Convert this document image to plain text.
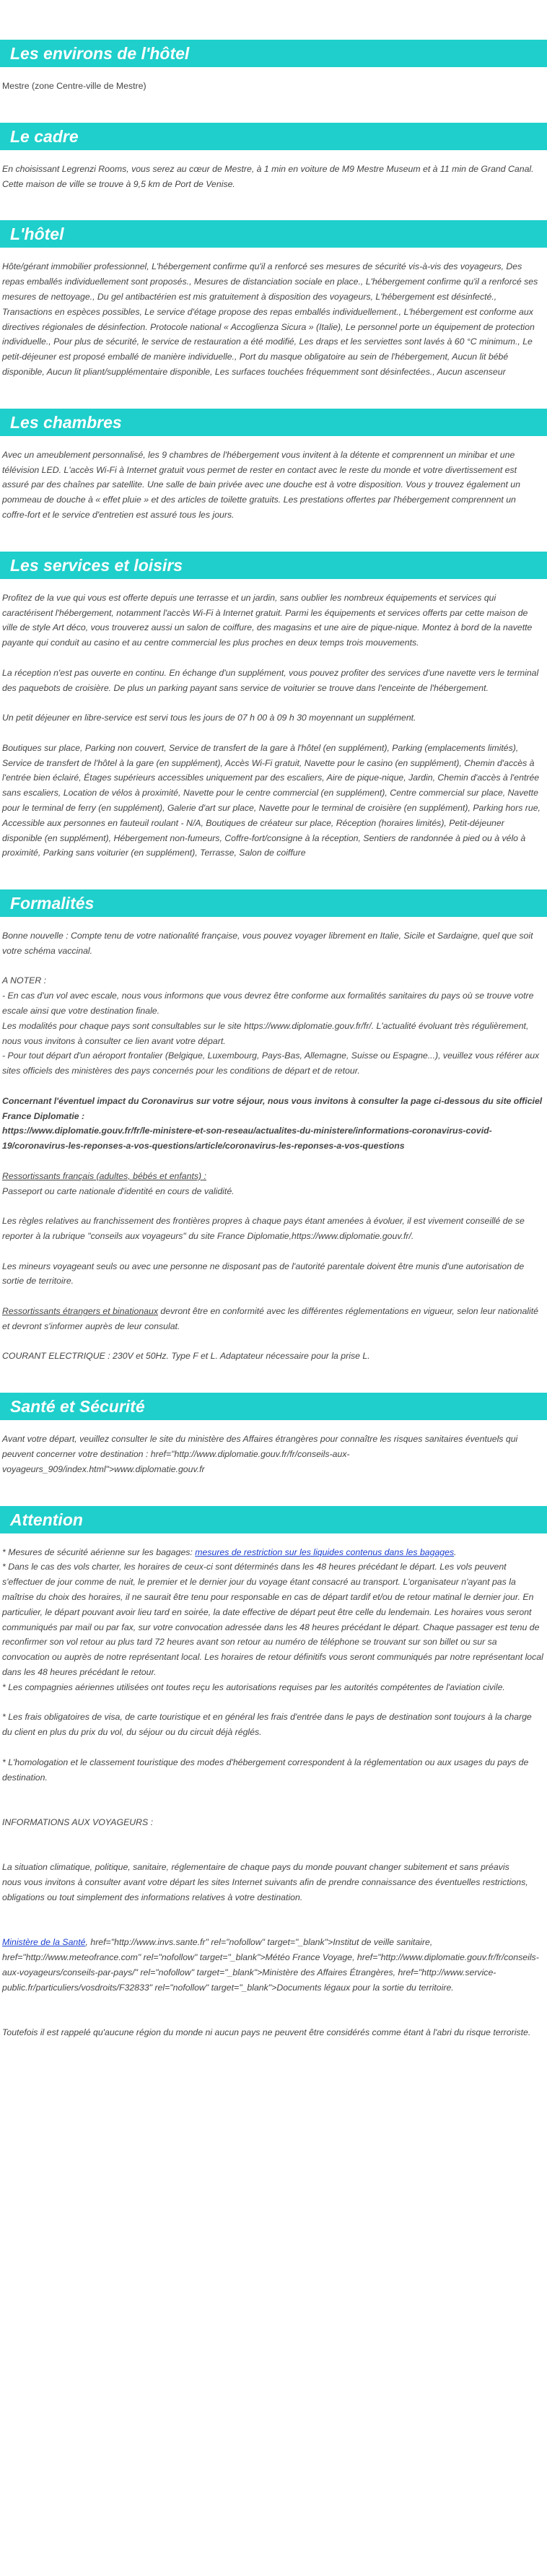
Les environs de l'hôtel

Mestre (zone Centre-ville de Mestre)

Le cadre

En choisissant Legrenzi Rooms, vous serez au cœur de Mestre, à 1 min en voiture de M9 Mestre Museum et à 11 min de Grand Canal. Cette maison de ville se trouve à 9,5 km de Port de Venise.

L'hôtel

Hôte/gérant immobilier professionnel, L'hébergement confirme qu'il a renforcé ses mesures de sécurité vis-à-vis des voyageurs, Des repas emballés individuellement sont proposés., Mesures de distanciation sociale en place., L'hébergement confirme qu'il a renforcé ses mesures de nettoyage., Du gel antibactérien est mis gratuitement à disposition des voyageurs, L'hébergement est désinfecté., Transactions en espèces possibles, Le service d'étage propose des repas emballés individuellement., L'hébergement est conforme aux directives régionales de désinfection. Protocole national « Accoglienza Sicura » (Italie), Le personnel porte un équipement de protection individuelle., Pour plus de sécurité, le service de restauration a été modifié, Les draps et les serviettes sont lavés à 60 °C minimum., Le petit-déjeuner est proposé emballé de manière individuelle., Port du masque obligatoire au sein de l'hébergement, Aucun lit bébé disponible, Aucun lit pliant/supplémentaire disponible, Les surfaces touchées fréquemment sont désinfectées., Aucun ascenseur

Les chambres

Avec un ameublement personnalisé, les 9 chambres de l'hébergement vous invitent à la détente et comprennent un minibar et une télévision LED. L'accès Wi-Fi à Internet gratuit vous permet de rester en contact avec le reste du monde et votre divertissement est assuré par des chaînes par satellite. Une salle de bain privée avec une douche est à votre disposition. Vous y trouvez également un pommeau de douche à « effet pluie » et des articles de toilette gratuits. Les prestations offertes par l'hébergement comprennent un coffre-fort et le service d'entretien est assuré tous les jours.

Les services et loisirs

Profitez de la vue qui vous est offerte depuis une terrasse et un jardin, sans oublier les nombreux équipements et services qui caractérisent l'hébergement, notamment l'accès Wi-Fi à Internet gratuit. Parmi les équipements et services offerts par cette maison de ville de style Art déco, vous trouverez aussi un salon de coiffure, des magasins et une aire de pique-nique. Montez à bord de la navette payante qui conduit au casino et au centre commercial les plus proches en deux temps trois mouvements.

La réception n'est pas ouverte en continu. En échange d'un supplément, vous pouvez profiter des services d'une navette vers le terminal des paquebots de croisière. De plus un parking payant sans service de voiturier se trouve dans l'enceinte de l'hébergement.

Un petit déjeuner en libre-service est servi tous les jours de 07 h 00 à 09 h 30 moyennant un supplément.

Boutiques sur place, Parking non couvert, Service de transfert de la gare à l'hôtel (en supplément), Parking (emplacements limités), Service de transfert de l'hôtel à la gare (en supplément), Accès Wi-Fi gratuit, Navette pour le casino (en supplément), Chemin d'accès à l'entrée bien éclairé, Étages supérieurs accessibles uniquement par des escaliers, Aire de pique-nique, Jardin, Chemin d'accès à l'entrée sans escaliers, Location de vélos à proximité, Navette pour le centre commercial (en supplément), Centre commercial sur place, Navette pour le terminal de ferry (en supplément), Galerie d'art sur place, Navette pour le terminal de croisière (en supplément), Parking hors rue, Accessible aux personnes en fauteuil roulant - N/A, Boutiques de créateur sur place, Réception (horaires limités), Petit-déjeuner disponible (en supplément), Hébergement non-fumeurs, Coffre-fort/consigne à la réception, Sentiers de randonnée à pied ou à vélo à proximité, Parking sans voiturier (en supplément), Terrasse, Salon de coiffure

Formalités

Bonne nouvelle : Compte tenu de votre nationalité française, vous pouvez voyager librement en Italie, Sicile et Sardaigne, quel que soit votre schéma vaccinal.

A NOTER :
- En cas d'un vol avec escale, nous vous informons que vous devrez être conforme aux formalités sanitaires du pays où se trouve votre escale ainsi que votre destination finale.
Les modalités pour chaque pays sont consultables sur le site https://www.diplomatie.gouv.fr/fr/. L'actualité évoluant très régulièrement, nous vous invitons à consulter ce lien avant votre départ.

- Pour tout départ d'un aéroport frontalier (Belgique, Luxembourg, Pays-Bas, Allemagne, Suisse ou Espagne...), veuillez vous référer aux sites officiels des ministères des pays concernés pour les conditions de départ et de retour.

Concernant l'éventuel impact du Coronavirus sur votre séjour, nous vous invitons à consulter la page ci-dessous du site officiel France Diplomatie :
https://www.diplomatie.gouv.fr/fr/le-ministere-et-son-reseau/actualites-du-ministere/informations-coronavirus-covid-19/coronavirus-les-reponses-a-vos-questions/article/coronavirus-les-reponses-a-vos-questions

Ressortissants français (adultes, bébés et enfants) :
Passeport ou carte nationale d'identité en cours de validité.

Les règles relatives au franchissement des frontières propres à chaque pays étant amenées à évoluer, il est vivement conseillé de se reporter à la rubrique "conseils aux voyageurs" du site France Diplomatie,https://www.diplomatie.gouv.fr/.

Les mineurs voyageant seuls ou avec une personne ne disposant pas de l'autorité parentale doivent être munis d'une autorisation de sortie de territoire.

Ressortissants étrangers et binationaux devront être en conformité avec les différentes réglementations en vigueur, selon leur nationalité et devront s'informer auprès de leur consulat.

COURANT ELECTRIQUE : 230V et 50Hz. Type F et L. Adaptateur nécessaire pour la prise L.

Santé et Sécurité

Avant votre départ, veuillez consulter le site du ministère des Affaires étrangères pour connaître les risques sanitaires éventuels qui peuvent concerner votre destination : href="http://www.diplomatie.gouv.fr/fr/conseils-aux-voyageurs_909/index.html">www.diplomatie.gouv.fr

Attention
* Mesures de sécurité aérienne sur les bagages: mesures de restriction sur les liquides contenus dans les bagages.
* Dans le cas des vols charter, les horaires de ceux-ci sont déterminés dans les 48 heures précédant le départ. Les vols peuvent s'effectuer de jour comme de nuit, le premier et le dernier jour du voyage étant consacré au transport. L'organisateur n'ayant pas la maîtrise du choix des horaires, il ne saurait être tenu pour responsable en cas de départ tardif et/ou de retour matinal le dernier jour. En particulier, le départ pouvant avoir lieu tard en soirée, la date effective de départ peut être celle du lendemain. Les horaires vous seront communiqués par mail ou par fax, sur votre convocation adressée dans les 48 heures précédant le départ. Chaque passager est tenu de reconfirmer son vol retour au plus tard 72 heures avant son retour au numéro de téléphone se trouvant sur son billet ou sur sa convocation ou auprès de notre représentant local. Les horaires de retour définitifs vous seront communiqués par notre représentant local dans les 48 heures précédant le retour.

* Les compagnies aériennes utilisées ont toutes reçu les autorisations requises par les autorités compétentes de l'aviation civile.

* Les frais obligatoires de visa, de carte touristique et en général les frais d'entrée dans le pays de destination sont toujours à la charge du client en plus du prix du vol, du séjour ou du circuit déjà réglés.

* L'homologation et le classement touristique des modes d'hébergement correspondent à la réglementation ou aux usages du pays de destination.

INFORMATIONS AUX VOYAGEURS :

La situation climatique, politique, sanitaire, réglementaire de chaque pays du monde pouvant changer subitement et sans préavis

nous vous invitons à consulter avant votre départ les sites Internet suivants afin de prendre connaissance des éventuelles restrictions, obligations ou tout simplement des informations relatives à votre destination.

Ministère de la Santé, href="http://www.invs.sante.fr" rel="nofollow" target="_blank">Institut de veille sanitaire, href="http://www.meteofrance.com" rel="nofollow" target="_blank">Météo France Voyage, href="http://www.diplomatie.gouv.fr/fr/conseils-aux-voyageurs/conseils-par-pays/" rel="nofollow" target="_blank">Ministère des Affaires Étrangères, href="http://www.service-public.fr/particuliers/vosdroits/F32833" rel="nofollow" target="_blank">Documents légaux pour la sortie du territoire.

Toutefois il est rappelé qu'aucune région du monde ni aucun pays ne peuvent être considérés comme étant à l'abri du risque terroriste.
